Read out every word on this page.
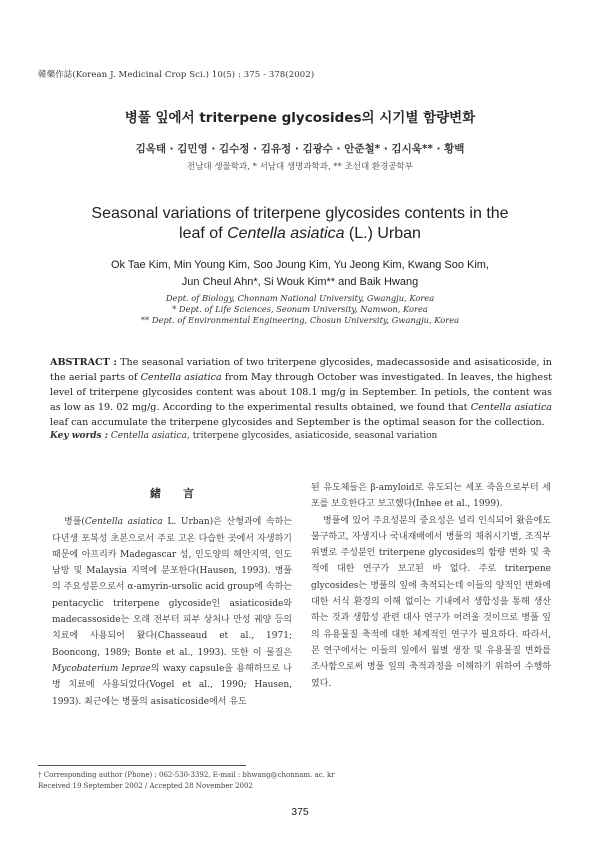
韓藥作誌(Korean J. Medicinal Crop Sci.) 10(5) : 375 - 378(2002)
병풀 잎에서 triterpene glycosides의 시기별 함량변화
김옥태 · 김민영 · 김수정 · 김유정 · 김광수 · 안준철* · 김시욱** · 황백
전남대 생물학과, * 서남대 생명과학과, ** 조선대 환경공학부
Seasonal variations of triterpene glycosides contents in the
leaf of Centella asiatica (L.) Urban
Ok Tae Kim, Min Young Kim, Soo Joung Kim, Yu Jeong Kim, Kwang Soo Kim,
Jun Cheul Ahn*, Si Wouk Kim** and Baik Hwang
Dept. of Biology, Chonnam National University, Gwangju, Korea
* Dept. of Life Sciences, Seonam University, Namwon, Korea
** Dept. of Environmental Engineering, Chosun University, Gwangju, Korea
ABSTRACT : The seasonal variation of two triterpene glycosides, madecassoside and asisaticoside, in the aerial parts of Centella asiatica from May through October was investigated. In leaves, the highest level of triterpene glycosides content was about 108.1 mg/g in September. In petiols, the content was as low as 19. 02 mg/g. According to the experimental results obtained, we found that Centella asiatica leaf can accumulate the triterpene glycosides and September is the optimal season for the collection.
Key words : Centella asiatica, triterpene glycosides, asiaticoside, seasonal variation
緒言

병풀(Centella asiatica L. Urban)은 산형과에 속하는 다년생 포복성 초본으로서 주로 고온 다습한 곳에서 자생하기 때문에 아프리카 Madegascar 섬, 인도양의 해안지역, 인도 남방 및 Malaysia 지역에 분포한다(Hausen, 1993). 병풀의 주요성분으로서 α-amyrin-ursolic acid group에 속하는 pentacyclic triterpene glycoside인 asiaticoside와 madecassoside는 오래 전부터 피부 상처나 만성 궤양 등의 치료에 사용되어 왔다(Chasseaud et al., 1971; Booncong, 1989; Bonte et al., 1993). 또한 이 물질은 Mycobaterium leprae의 waxy capsule을 용해하므로 나병 치료에 사용되었다(Vogel et al., 1990; Hausen, 1993). 최근에는 병풀의 asisaticoside에서 유도

된 유도체들은 β-amyloid로 유도되는 세포 죽음으로부터 세포를 보호한다고 보고했다(Inhee et al., 1999).

병풀에 있어 주요성분의 중요성은 널리 인식되어 왔음에도 불구하고, 자생지나 국내재배에서 병풀의 채취시기별, 조직부위별로 주성분인 triterpene glycosides의 함량 변화 및 축적에 대한 연구가 보고된 바 없다. 주로 triterpene glycosides는 병풀의 잎에 축적되는데 이들의 양적인 변화에 대한 서식 환경의 이해 없이는 기내에서 생합성을 통해 생산하는 것과 생합성 관련 대사 연구가 어려울 것이므로 병풀 잎의 유용물질 축적에 대한 체계적인 연구가 필요하다. 따라서, 본 연구에서는 이들의 잎에서 월별 생장 및 유용물질 변화를 조사함으로써 병풀 잎의 축적과정을 이해하기 위하여 수행하였다.

† Corresponding author (Phone) : 062-530-3392, E-mail : bhwang@chonnam. ac. kr
Received 19 September 2002 / Accepted 28 November 2002
375
